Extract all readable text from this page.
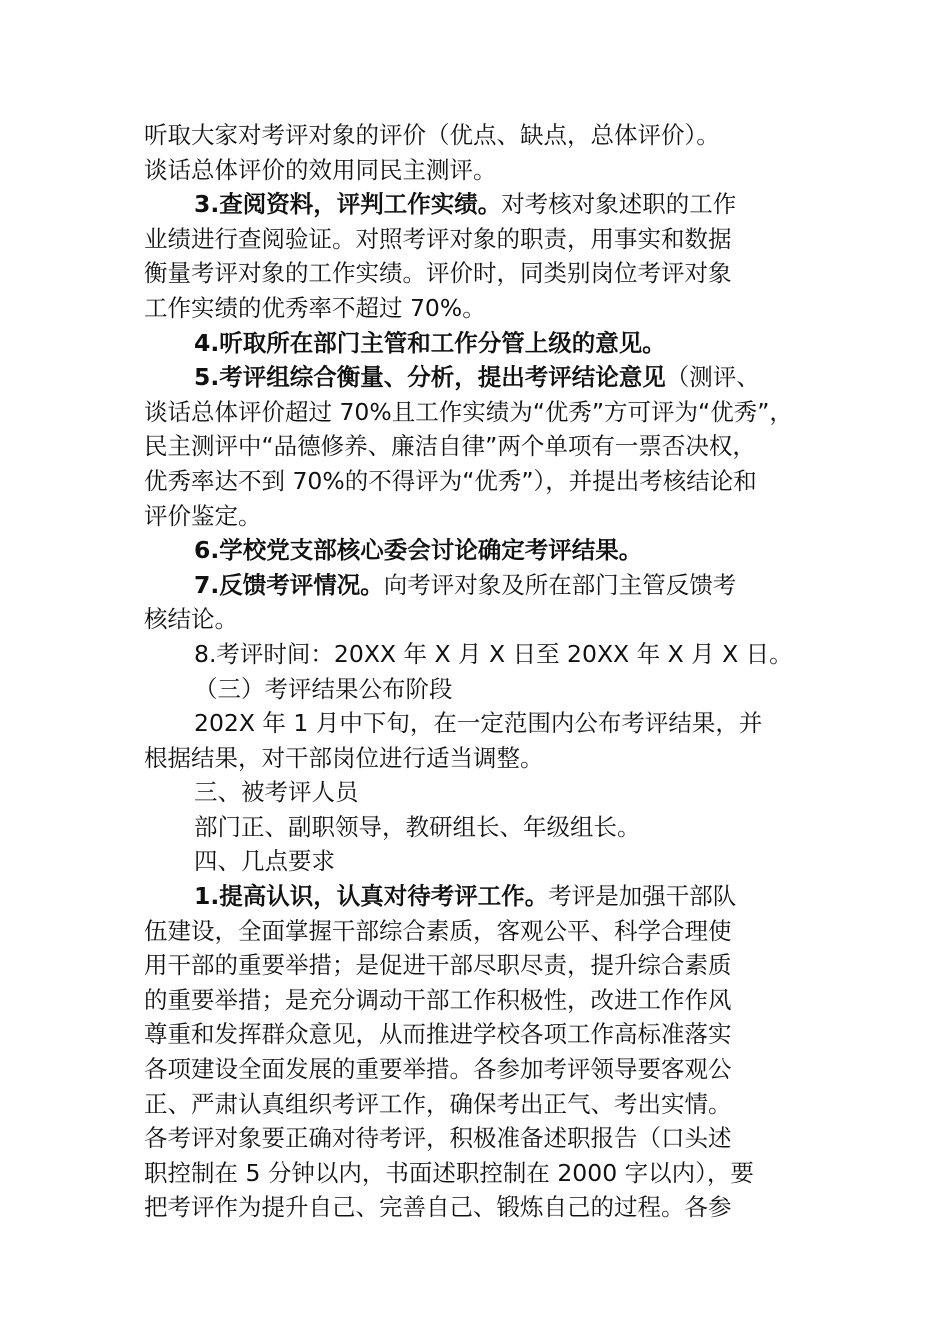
听取大家对考评对象的评价（优点、缺点，总体评价）。
谈话总体评价的效用同民主测评。
3.查阅资料，评判工作实绩。对考核对象述职的工作
业绩进行查阅验证。对照考评对象的职责，用事实和数据
衡量考评对象的工作实绩。评价时，同类别岗位考评对象
工作实绩的优秀率不超过 70%。
4.听取所在部门主管和工作分管上级的意见。
5.考评组综合衡量、分析，提出考评结论意见（测评、
谈话总体评价超过 70%且工作实绩为“优秀”方可评为“优秀”，
民主测评中“品德修养、廉洁自律”两个单项有一票否决权，
优秀率达不到 70%的不得评为“优秀”），并提出考核结论和
评价鉴定。
6.学校党支部核心委会讨论确定考评结果。
7.反馈考评情况。向考评对象及所在部门主管反馈考
核结论。
8.考评时间：20XX 年 X 月 X 日至 20XX 年 X 月 X 日。
（三）考评结果公布阶段
202X 年 1 月中下旬，在一定范围内公布考评结果，并
根据结果，对干部岗位进行适当调整。
三、被考评人员
部门正、副职领导，教研组长、年级组长。
四、几点要求
1.提高认识，认真对待考评工作。考评是加强干部队
伍建设，全面掌握干部综合素质，客观公平、科学合理使
用干部的重要举措；是促进干部尽职尽责，提升综合素质
的重要举措；是充分调动干部工作积极性，改进工作作风
尊重和发挥群众意见，从而推进学校各项工作高标准落实
各项建设全面发展的重要举措。各参加考评领导要客观公
正、严肃认真组织考评工作，确保考出正气、考出实情。
各考评对象要正确对待考评，积极准备述职报告（口头述
职控制在 5 分钟以内，书面述职控制在 2000 字以内），要
把考评作为提升自己、完善自己、锻炼自己的过程。各参
